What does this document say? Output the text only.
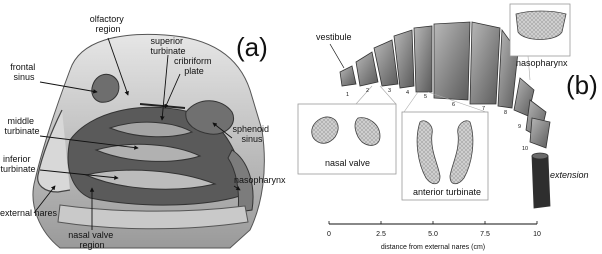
(a)
olfactory region
frontal sinus
superior turbinate
cribriform plate
middle turbinate	sphenoid sinus
inferior turbinate
nasopharynx
external nares
nasal valve region
1
2	3	4
5
6
7
8
9
10
vestibule
nasopharynx
(b)
nasal valve
anterior turbinate
extension
0	2.5	5.0	7.5	10
distance from external nares (cm)
